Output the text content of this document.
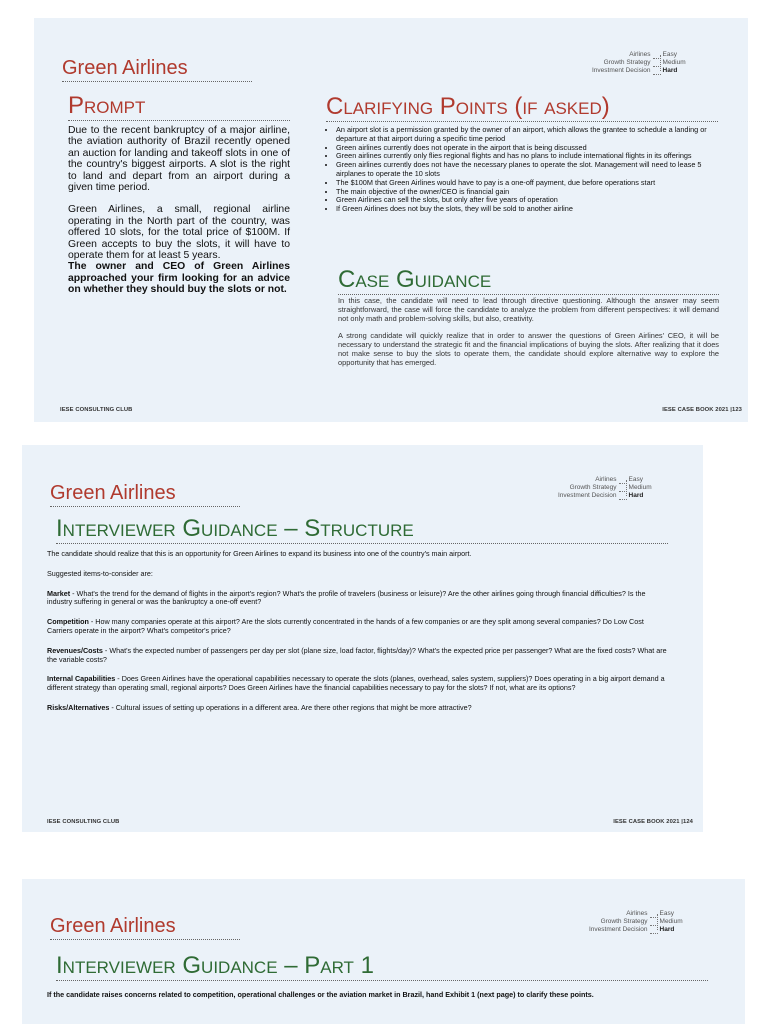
Green Airlines
Airlines
Growth Strategy
Investment Decision
Easy
Medium
Hard
Prompt

Due to the recent bankruptcy of a major airline, the aviation authority of Brazil recently opened an auction for landing and takeoff slots in one of the country's biggest airports. A slot is the right to land and depart from an airport during a given time period.

Green Airlines, a small, regional airline operating in the North part of the country, was offered 10 slots, for the total price of $100M. If Green accepts to buy the slots, it will have to operate them for at least 5 years.

The owner and CEO of Green Airlines approached your firm looking for an advice on whether they should buy the slots or not.
Clarifying Points (if asked)
• An airport slot is a permission granted by the owner of an airport, which allows the grantee to schedule a landing or departure at that airport during a specific time period
• Green airlines currently does not operate in the airport that is being discussed
• Green airlines currently only flies regional flights and has no plans to include international flights in its offerings
• Green airlines currently does not have the necessary planes to operate the slot. Management will need to lease 5 airplanes to operate the 10 slots
• The $100M that Green Airlines would have to pay is a one-off payment, due before operations start
• The main objective of the owner/CEO is financial gain
• Green Airlines can sell the slots, but only after five years of operation
• If Green Airlines does not buy the slots, they will be sold to another airline
Case Guidance

In this case, the candidate will need to lead through directive questioning. Although the answer may seem straightforward, the case will force the candidate to analyze the problem from different perspectives: it will demand not only math and problem-solving skills, but also, creativity.

A strong candidate will quickly realize that in order to answer the questions of Green Airlines' CEO, it will be necessary to understand the strategic fit and the financial implications of buying the slots. After realizing that it does not make sense to buy the slots to operate them, the candidate should explore alternative way to explore the opportunity that has emerged.

IESE CONSULTING CLUB	IESE CASE BOOK 2021 |123
Green Airlines
Airlines
Growth Strategy
Investment Decision
Easy
Medium
Hard
Interviewer Guidance – Structure

The candidate should realize that this is an opportunity for Green Airlines to expand its business into one of the country's main airport.

Suggested items-to-consider are:

Market - What's the trend for the demand of flights in the airport's region? What's the profile of travelers (business or leisure)? Are the other airlines going through financial difficulties? Is the industry suffering in general or was the bankruptcy a one-off event?

Competition - How many companies operate at this airport? Are the slots currently concentrated in the hands of a few companies or are they split among several companies? Do Low Cost Carriers operate in the airport? What's competitor's price?

Revenues/Costs - What's the expected number of passengers per day per slot (plane size, load factor, flights/day)? What's the expected price per passenger? What are the fixed costs? What are the variable costs?

Internal Capabilities - Does Green Airlines have the operational capabilities necessary to operate the slots (planes, overhead, sales system, suppliers)? Does operating in a big airport demand a different strategy than operating small, regional airports? Does Green Airlines have the financial capabilities necessary to pay for the slots? If not, what are its options?

Risks/Alternatives - Cultural issues of setting up operations in a different area. Are there other regions that might be more attractive?

IESE CONSULTING CLUB	IESE CASE BOOK 2021 |124
Green Airlines
Airlines
Growth Strategy
Investment Decision
Easy
Medium
Hard
Interviewer Guidance – Part 1
If the candidate raises concerns related to competition, operational challenges or the aviation market in Brazil, hand Exhibit 1 (next page) to clarify these points.
